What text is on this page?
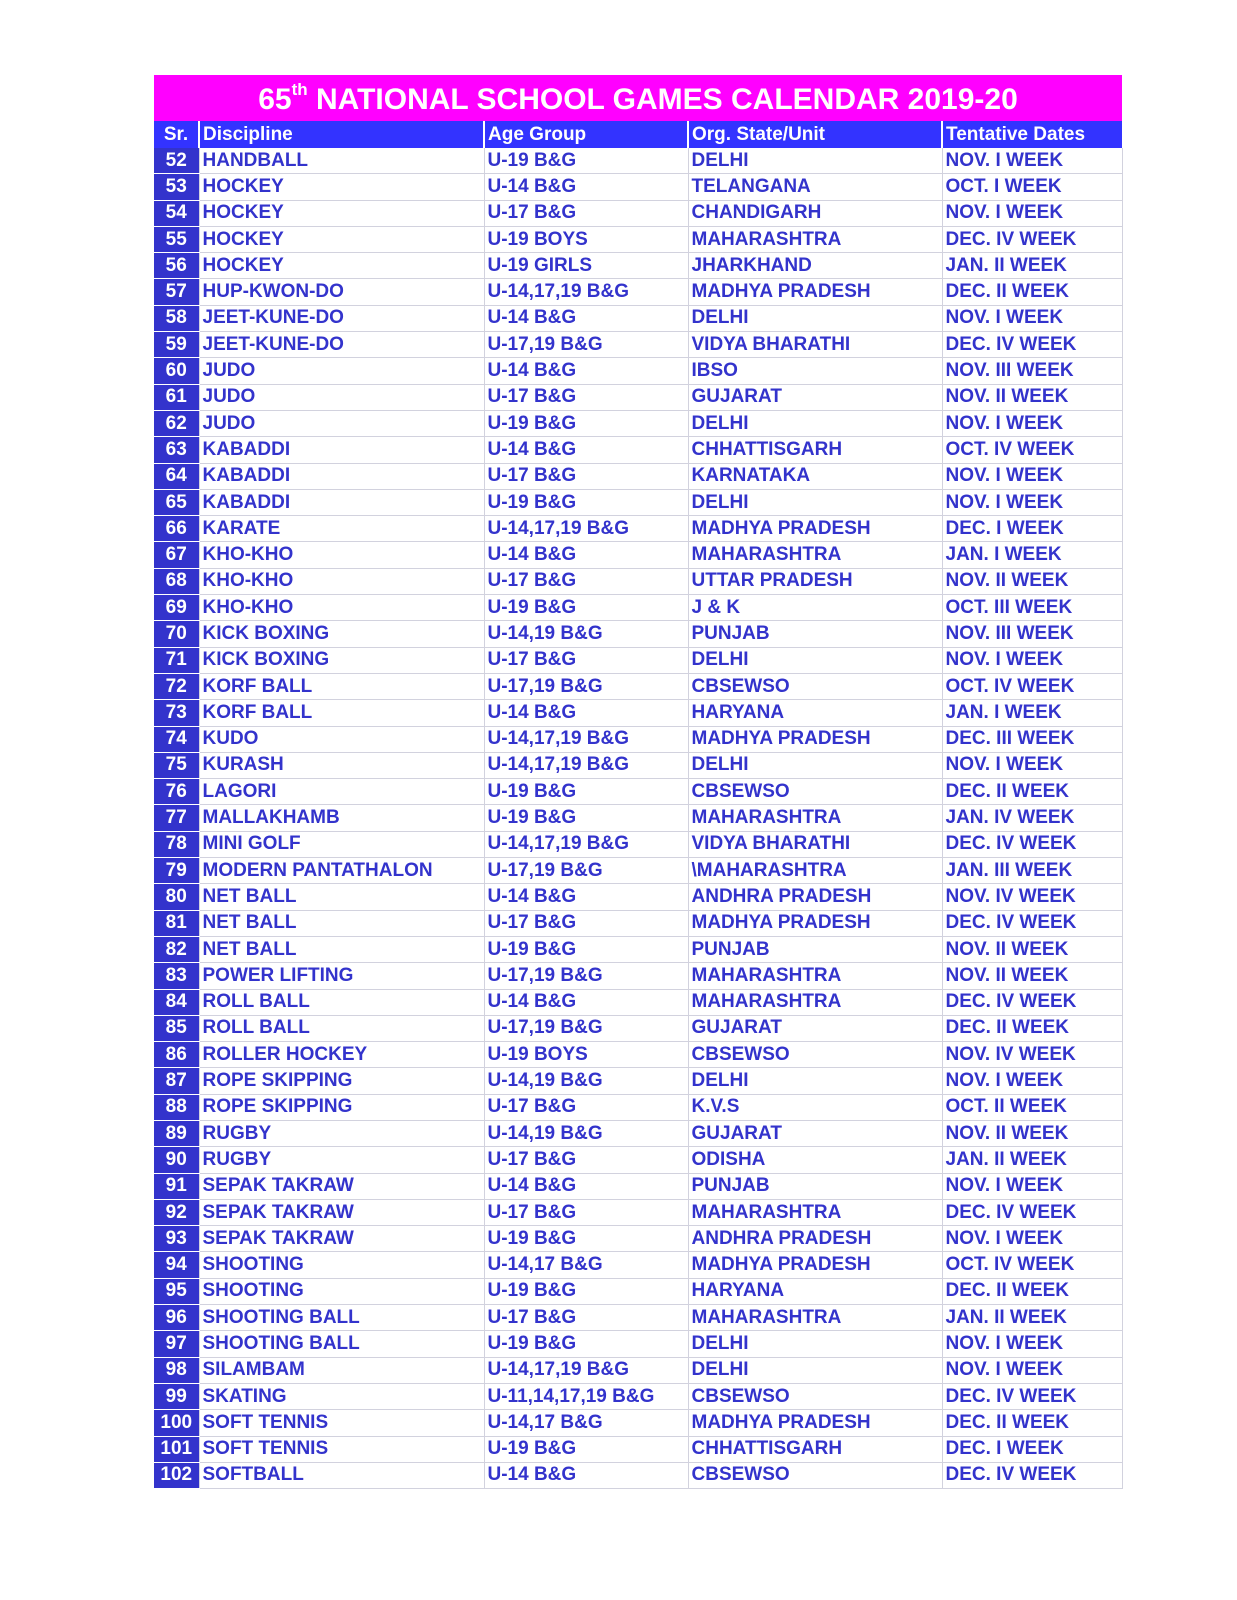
65th NATIONAL SCHOOL GAMES CALENDAR 2019-20
Sr.	Discipline	Age Group	Org. State/Unit	Tentative Dates
52	HANDBALL	U-19 B&G	DELHI	NOV. I WEEK
53	HOCKEY	U-14 B&G	TELANGANA	OCT. I WEEK
54	HOCKEY	U-17 B&G	CHANDIGARH	NOV. I WEEK
55	HOCKEY	U-19 BOYS	MAHARASHTRA	DEC. IV WEEK
56	HOCKEY	U-19 GIRLS	JHARKHAND	JAN. II WEEK
57	HUP-KWON-DO	U-14,17,19 B&G	MADHYA PRADESH	DEC. II WEEK
58	JEET-KUNE-DO	U-14 B&G	DELHI	NOV. I WEEK
59	JEET-KUNE-DO	U-17,19 B&G	VIDYA BHARATHI	DEC. IV WEEK
60	JUDO	U-14 B&G	IBSO	NOV. III WEEK
61	JUDO	U-17 B&G	GUJARAT	NOV. II WEEK
62	JUDO	U-19 B&G	DELHI	NOV. I WEEK
63	KABADDI	U-14 B&G	CHHATTISGARH	OCT. IV WEEK
64	KABADDI	U-17 B&G	KARNATAKA	NOV. I WEEK
65	KABADDI	U-19 B&G	DELHI	NOV. I WEEK
66	KARATE	U-14,17,19 B&G	MADHYA PRADESH	DEC. I WEEK
67	KHO-KHO	U-14 B&G	MAHARASHTRA	JAN. I WEEK
68	KHO-KHO	U-17 B&G	UTTAR PRADESH	NOV. II WEEK
69	KHO-KHO	U-19 B&G	J & K	OCT. III WEEK
70	KICK BOXING	U-14,19 B&G	PUNJAB	NOV. III WEEK
71	KICK BOXING	U-17 B&G	DELHI	NOV. I WEEK
72	KORF BALL	U-17,19 B&G	CBSEWSO	OCT. IV WEEK
73	KORF BALL	U-14 B&G	HARYANA	JAN. I WEEK
74	KUDO	U-14,17,19 B&G	MADHYA PRADESH	DEC. III WEEK
75	KURASH	U-14,17,19 B&G	DELHI	NOV. I WEEK
76	LAGORI	U-19 B&G	CBSEWSO	DEC. II WEEK
77	MALLAKHAMB	U-19 B&G	MAHARASHTRA	JAN. IV WEEK
78	MINI GOLF	U-14,17,19 B&G	VIDYA BHARATHI	DEC. IV WEEK
79	MODERN PANTATHALON	U-17,19 B&G	\MAHARASHTRA	JAN. III WEEK
80	NET BALL	U-14 B&G	ANDHRA PRADESH	NOV. IV WEEK
81	NET BALL	U-17 B&G	MADHYA PRADESH	DEC. IV WEEK
82	NET BALL	U-19 B&G	PUNJAB	NOV. II WEEK
83	POWER LIFTING	U-17,19 B&G	MAHARASHTRA	NOV. II WEEK
84	ROLL BALL	U-14 B&G	MAHARASHTRA	DEC. IV WEEK
85	ROLL BALL	U-17,19 B&G	GUJARAT	DEC. II WEEK
86	ROLLER HOCKEY	U-19 BOYS	CBSEWSO	NOV. IV WEEK
87	ROPE SKIPPING	U-14,19 B&G	DELHI	NOV. I WEEK
88	ROPE SKIPPING	U-17 B&G	K.V.S	OCT. II WEEK
89	RUGBY	U-14,19 B&G	GUJARAT	NOV. II WEEK
90	RUGBY	U-17 B&G	ODISHA	JAN. II WEEK
91	SEPAK TAKRAW	U-14 B&G	PUNJAB	NOV. I WEEK
92	SEPAK TAKRAW	U-17 B&G	MAHARASHTRA	DEC. IV WEEK
93	SEPAK TAKRAW	U-19 B&G	ANDHRA PRADESH	NOV. I WEEK
94	SHOOTING	U-14,17 B&G	MADHYA PRADESH	OCT. IV WEEK
95	SHOOTING	U-19 B&G	HARYANA	DEC. II WEEK
96	SHOOTING BALL	U-17 B&G	MAHARASHTRA	JAN. II WEEK
97	SHOOTING BALL	U-19 B&G	DELHI	NOV. I WEEK
98	SILAMBAM	U-14,17,19 B&G	DELHI	NOV. I WEEK
99	SKATING	U-11,14,17,19 B&G	CBSEWSO	DEC. IV WEEK
100	SOFT TENNIS	U-14,17 B&G	MADHYA PRADESH	DEC. II WEEK
101	SOFT TENNIS	U-19 B&G	CHHATTISGARH	DEC. I WEEK
102	SOFTBALL	U-14 B&G	CBSEWSO	DEC. IV WEEK
